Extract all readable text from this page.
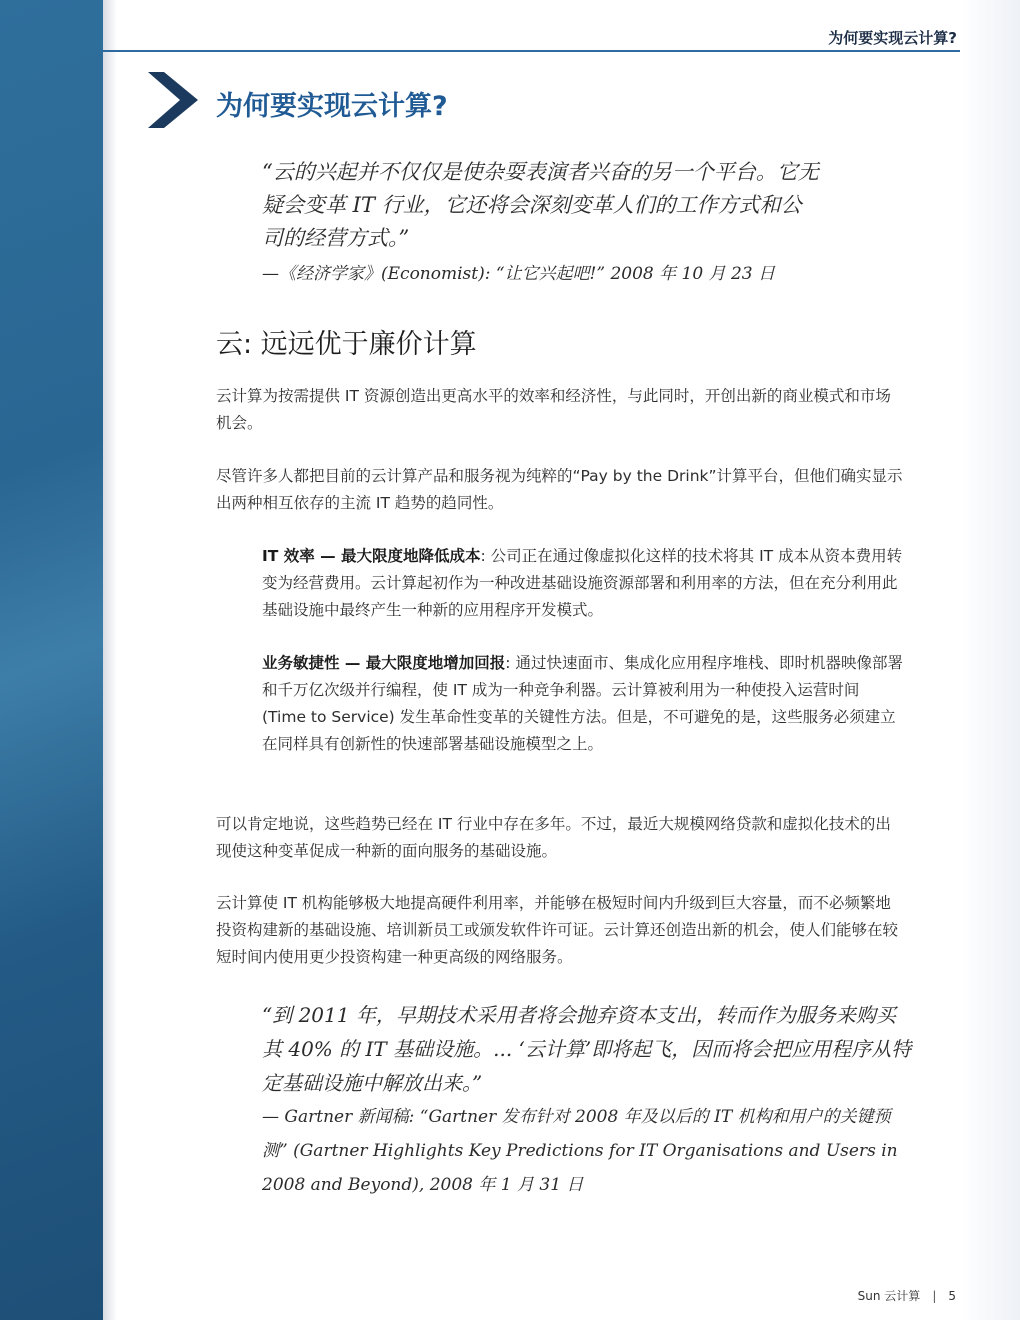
为何要实现云计算?
为何要实现云计算?

“云的兴起并不仅仅是使杂耍表演者兴奋的另一个平台。它无疑会变革 IT 行业，它还将会深刻变革人们的工作方式和公司的经营方式。”

—《经济学家》(Economist): “让它兴起吧!” 2008 年 10 月 23 日

云: 远远优于廉价计算

云计算为按需提供 IT 资源创造出更高水平的效率和经济性，与此同时，开创出新的商业模式和市场机会。

尽管许多人都把目前的云计算产品和服务视为纯粹的“Pay by the Drink”计算平台，但他们确实显示出两种相互依存的主流 IT 趋势的趋同性。

IT 效率 — 最大限度地降低成本: 公司正在通过像虚拟化这样的技术将其 IT 成本从资本费用转变为经营费用。云计算起初作为一种改进基础设施资源部署和利用率的方法，但在充分利用此基础设施中最终产生一种新的应用程序开发模式。

业务敏捷性 — 最大限度地增加回报: 通过快速面市、集成化应用程序堆栈、即时机器映像部署和千万亿次级并行编程，使 IT 成为一种竞争利器。云计算被利用为一种使投入运营时间 (Time to Service) 发生革命性变革的关键性方法。但是，不可避免的是，这些服务必须建立在同样具有创新性的快速部署基础设施模型之上。

可以肯定地说，这些趋势已经在 IT 行业中存在多年。不过，最近大规模网络贷款和虚拟化技术的出现使这种变革促成一种新的面向服务的基础设施。

云计算使 IT 机构能够极大地提高硬件利用率，并能够在极短时间内升级到巨大容量，而不必频繁地投资构建新的基础设施、培训新员工或颁发软件许可证。云计算还创造出新的机会，使人们能够在较短时间内使用更少投资构建一种更高级的网络服务。

“到 2011 年，早期技术采用者将会抛弃资本支出，转而作为服务来购买其 40% 的 IT 基础设施。... ‘云计算’即将起飞，因而将会把应用程序从特定基础设施中解放出来。”

— Gartner 新闻稿: “Gartner 发布针对 2008 年及以后的 IT 机构和用户的关键预测” (Gartner Highlights Key Predictions for IT Organisations and Users in 2008 and Beyond), 2008 年 1 月 31 日

Sun 云计算 | 5
